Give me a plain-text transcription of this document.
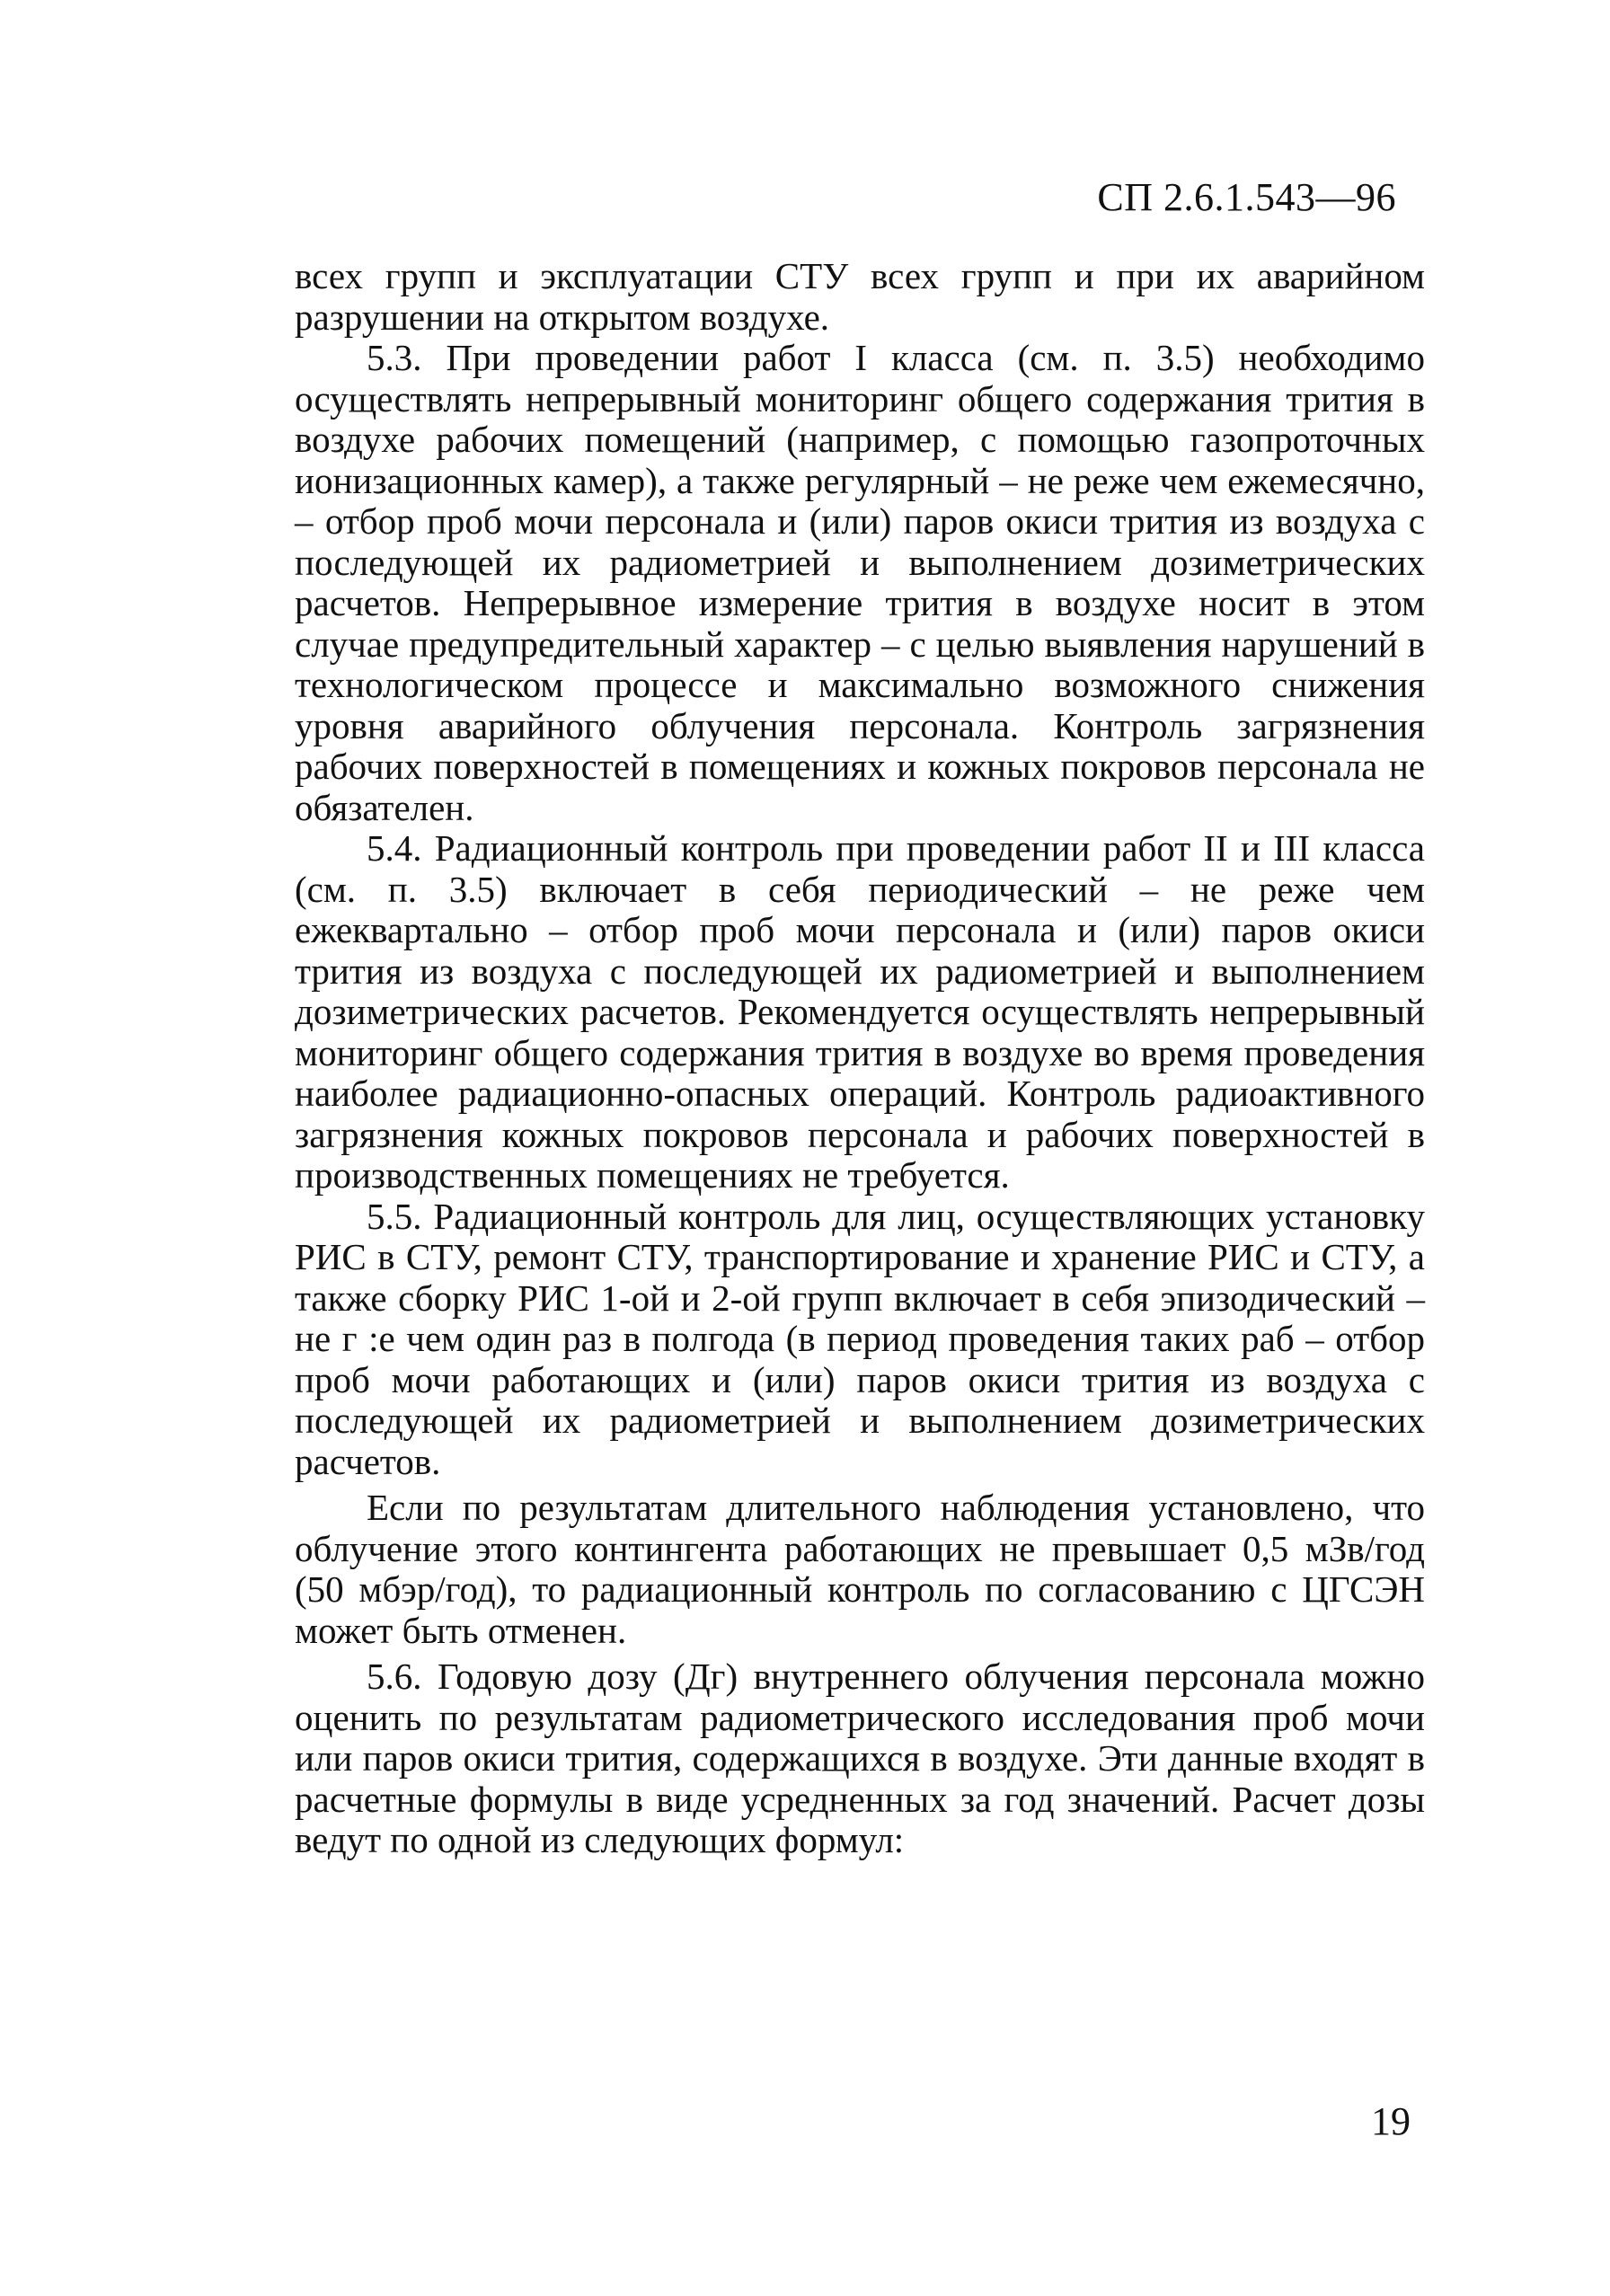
СП 2.6.1.543—96

всех групп и эксплуатации СТУ всех групп и при их аварийном разрушении на открытом воздухе.

5.3. При проведении работ I класса (см. п. 3.5) необходимо осуществлять непрерывный мониторинг общего содержания трития в воздухе рабочих помещений (например, с помощью газопроточных ионизационных камер), а также регулярный – не реже чем ежемесячно, – отбор проб мочи персонала и (или) паров окиси трития из воздуха с последующей их радиометрией и выполнением дозиметрических расчетов. Непрерывное измерение трития в воздухе носит в этом случае предупредительный характер – с целью выявления нарушений в технологическом процессе и максимально возможного снижения уровня аварийного облучения персонала. Контроль загрязнения рабочих поверхностей в помещениях и кожных покровов персонала не обязателен.

5.4. Радиационный контроль при проведении работ II и III класса (см. п. 3.5) включает в себя периодический – не реже чем ежеквартально – отбор проб мочи персонала и (или) паров окиси трития из воздуха с последующей их радиометрией и выполнением дозиметрических расчетов. Рекомендуется осуществлять непрерывный мониторинг общего содержания трития в воздухе во время проведения наиболее радиационно-опасных операций. Контроль радиоактивного загрязнения кожных покровов персонала и рабочих поверхностей в производственных помещениях не требуется.

5.5. Радиационный контроль для лиц, осуществляющих установку РИС в СТУ, ремонт СТУ, транспортирование и хранение РИС и СТУ, а также сборку РИС 1-ой и 2-ой групп включает в себя эпизодический – не г :е чем один раз в полгода (в период проведения таких раб – отбор проб мочи работающих и (или) паров окиси трития из воздуха с последующей их радиометрией и выполнением дозиметрических расчетов.

Если по результатам длительного наблюдения установлено, что облучение этого контингента работающих не превышает 0,5 мЗв/год (50 мбэр/год), то радиационный контроль по согласованию с ЦГСЭН может быть отменен.

5.6. Годовую дозу (Дг) внутреннего облучения персонала можно оценить по результатам радиометрического исследования проб мочи или паров окиси трития, содержащихся в воздухе. Эти данные входят в расчетные формулы в виде усредненных за год значений. Расчет дозы ведут по одной из следующих формул:

19
